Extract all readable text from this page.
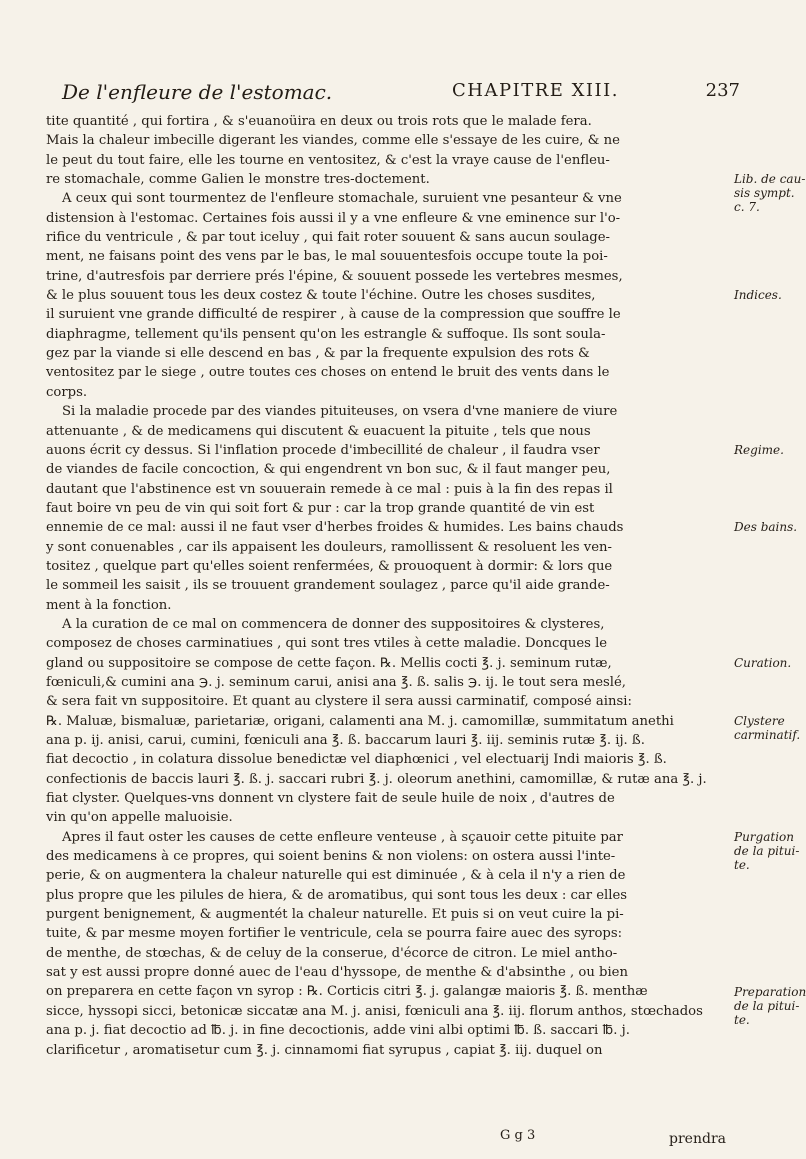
De l'enfleure de l'estomac.	CHAPITRE XIII.	237
tite quantité , qui fortira , & s'euanoüira en deux ou trois rots que le malade fera.
Mais la chaleur imbecille digerant les viandes, comme elle s'essaye de les cuire, & ne
le peut du tout faire, elle les tourne en ventositez, & c'est la vraye cause de l'enfleu-
re stomachale, comme Galien le monstre tres-doctement.
A ceux qui sont tourmentez de l'enfleure stomachale, suruient vne pesanteur & vne
distension à l'estomac. Certaines fois aussi il y a vne enfleure & vne eminence sur l'o-
rifice du ventricule , & par tout iceluy , qui fait roter souuent & sans aucun soulage-
ment, ne faisans point des vens par le bas, le mal souuentesfois occupe toute la poi-
trine, d'autresfois par derriere prés l'épine, & souuent possede les vertebres mesmes,
& le plus souuent tous les deux costez & toute l'échine. Outre les choses susdites,
il suruient vne grande difficulté de respirer , à cause de la compression que souffre le
diaphragme, tellement qu'ils pensent qu'on les estrangle & suffoque. Ils sont soula-
gez par la viande si elle descend en bas , & par la frequente expulsion des rots &
ventositez par le siege , outre toutes ces choses on entend le bruit des vents dans le
corps.
Si la maladie procede par des viandes pituiteuses, on vsera d'vne maniere de viure
attenuante , & de medicamens qui discutent & euacuent la pituite , tels que nous
auons écrit cy dessus. Si l'inflation procede d'imbecillité de chaleur , il faudra vser
de viandes de facile concoction, & qui engendrent vn bon suc, & il faut manger peu,
dautant que l'abstinence est vn souuerain remede à ce mal : puis à la fin des repas il
faut boire vn peu de vin qui soit fort & pur : car la trop grande quantité de vin est
ennemie de ce mal: aussi il ne faut vser d'herbes froides & humides. Les bains chauds
y sont conuenables , car ils appaisent les douleurs, ramollissent & resoluent les ven-
tositez , quelque part qu'elles soient renfermées, & prouoquent à dormir: & lors que
le sommeil les saisit , ils se trouuent grandement soulagez , parce qu'il aide grande-
ment à la fonction.
A la curation de ce mal on commencera de donner des suppositoires & clysteres,
composez de choses carminatiues , qui sont tres vtiles à cette maladie. Doncques le
gland ou suppositoire se compose de cette façon. ℞. Mellis cocti ℥. j. seminum rutæ,
fœniculi,& cumini ana ℈. j. seminum carui, anisi ana ℥. ß. salis ℈. ij. le tout sera meslé,
& sera fait vn suppositoire. Et quant au clystere il sera aussi carminatif, composé ainsi:
℞. Maluæ, bismaluæ, parietariæ, origani, calamenti ana M. j. camomillæ, summitatum anethi
ana p. ij. anisi, carui, cumini, fœniculi ana ℥. ß. baccarum lauri ℥. iij. seminis rutæ ℥. ij. ß.
fiat decoctio , in colatura dissolue benedictæ vel diaphœnici , vel electuarij Indi maioris ℥. ß.
confectionis de baccis lauri ℥. ß. j. saccari rubri ℥. j. oleorum anethini, camomillæ, & rutæ ana ℥. j.
fiat clyster. Quelques-vns donnent vn clystere fait de seule huile de noix , d'autres de
vin qu'on appelle maluoisie.
Apres il faut oster les causes de cette enfleure venteuse , à sçauoir cette pituite par
des medicamens à ce propres, qui soient benins & non violens: on ostera aussi l'inte-
perie, & on augmentera la chaleur naturelle qui est diminuée , & à cela il n'y a rien de
plus propre que les pilules de hiera, & de aromatibus, qui sont tous les deux : car elles
purgent benignement, & augmentét la chaleur naturelle. Et puis si on veut cuire la pi-
tuite, & par mesme moyen fortifier le ventricule, cela se pourra faire auec des syrops:
de menthe, de stœchas, & de celuy de la conserue, d'écorce de citron. Le miel antho-
sat y est aussi propre donné auec de l'eau d'hyssope, de menthe & d'absinthe , ou bien
on preparera en cette façon vn syrop : ℞. Corticis citri ℥. j. galangæ maioris ℥. ß. menthæ
sicce, hyssopi sicci, betonicæ siccatæ ana M. j. anisi, fœniculi ana ℥. iij. florum anthos, stœchados
ana p. j. fiat decoctio ad ℔. j. in fine decoctionis, adde vini albi optimi ℔. ß. saccari ℔. j.
clarificetur , aromatisetur cum ℥. j. cinnamomi fiat syrupus , capiat ℥. iij. duquel on
Lib. de cau-
sis sympt.
c. 7.
Indices.
Regime.
Des bains.
Curation.
Clystere
carminatif.
Purgation
de la pitui-
te.
Preparation
de la pitui-
te.
G g 3	prendra
